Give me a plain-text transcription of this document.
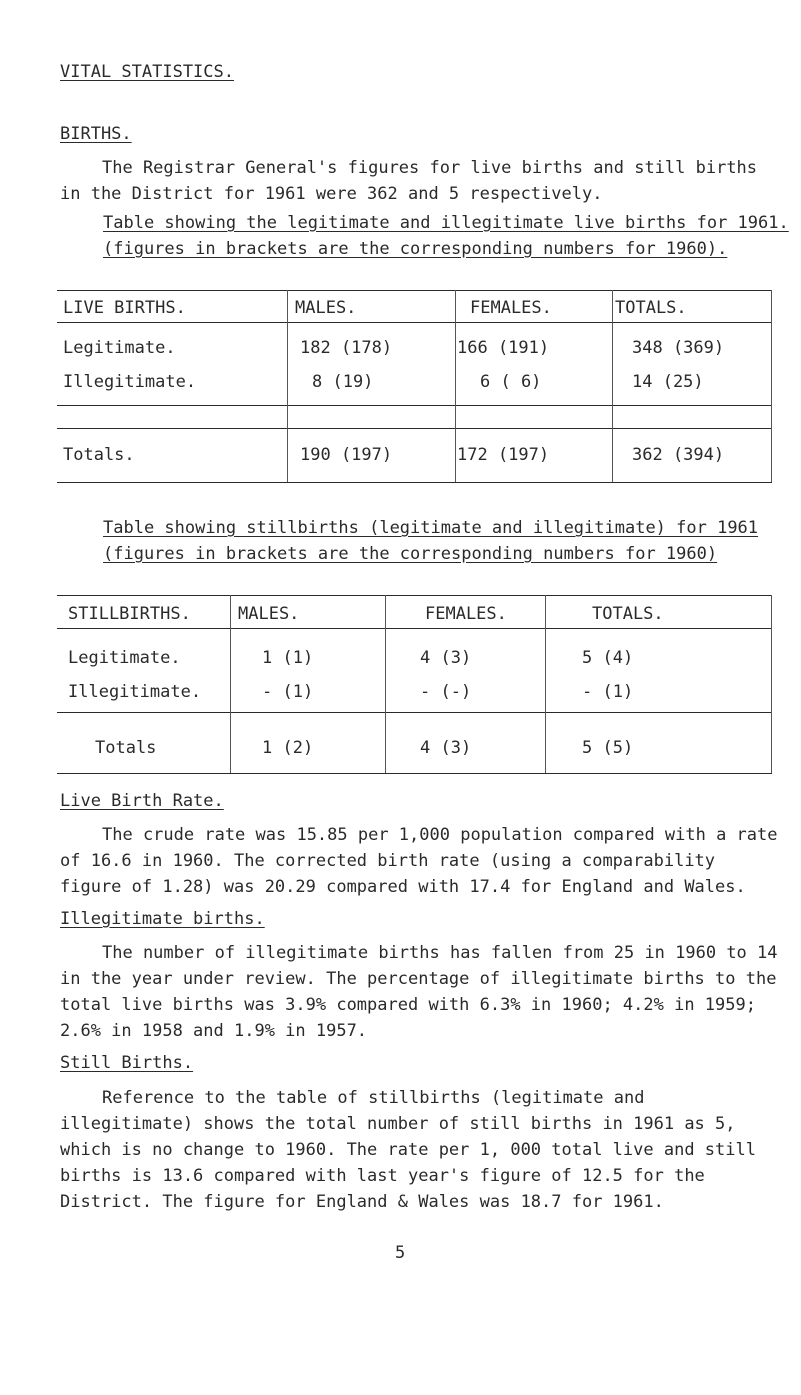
VITAL STATISTICS.
BIRTHS.
The Registrar General's figures for live births and still births in the District for 1961 were 362 and 5 respectively.
Table showing the legitimate and illegitimate live births for 1961.
(figures in brackets are the corresponding numbers for 1960).
LIVE BIRTHS.	MALES.	FEMALES.	TOTALS.
Legitimate.	182 (178)	166 (191)	348 (369)
Illegitimate.	8 (19)	6 ( 6)	14 (25)
Totals.	190 (197)	172 (197)	362 (394)
Table showing stillbirths (legitimate and illegitimate) for 1961
(figures in brackets are the corresponding numbers for 1960)
STILLBIRTHS.	MALES.	FEMALES.	TOTALS.
Legitimate.	1 (1)	4 (3)	5 (4)
Illegitimate.	- (1)	- (-)	- (1)
Totals	1 (2)	4 (3)	5 (5)
Live Birth Rate.
The crude rate was 15.85 per 1,000 population compared with a rate of 16.6 in 1960. The corrected birth rate (using a comparability figure of 1.28) was 20.29 compared with 17.4 for England and Wales.
Illegitimate births.
The number of illegitimate births has fallen from 25 in 1960 to 14 in the year under review. The percentage of illegitimate births to the total live births was 3.9% compared with 6.3% in 1960; 4.2% in 1959; 2.6% in 1958 and 1.9% in 1957.
Still Births.
Reference to the table of stillbirths (legitimate and illegitimate) shows the total number of still births in 1961 as 5, which is no change to 1960. The rate per 1, 000 total live and still births is 13.6 compared with last year's figure of 12.5 for the District. The figure for England & Wales was 18.7 for 1961.
5
